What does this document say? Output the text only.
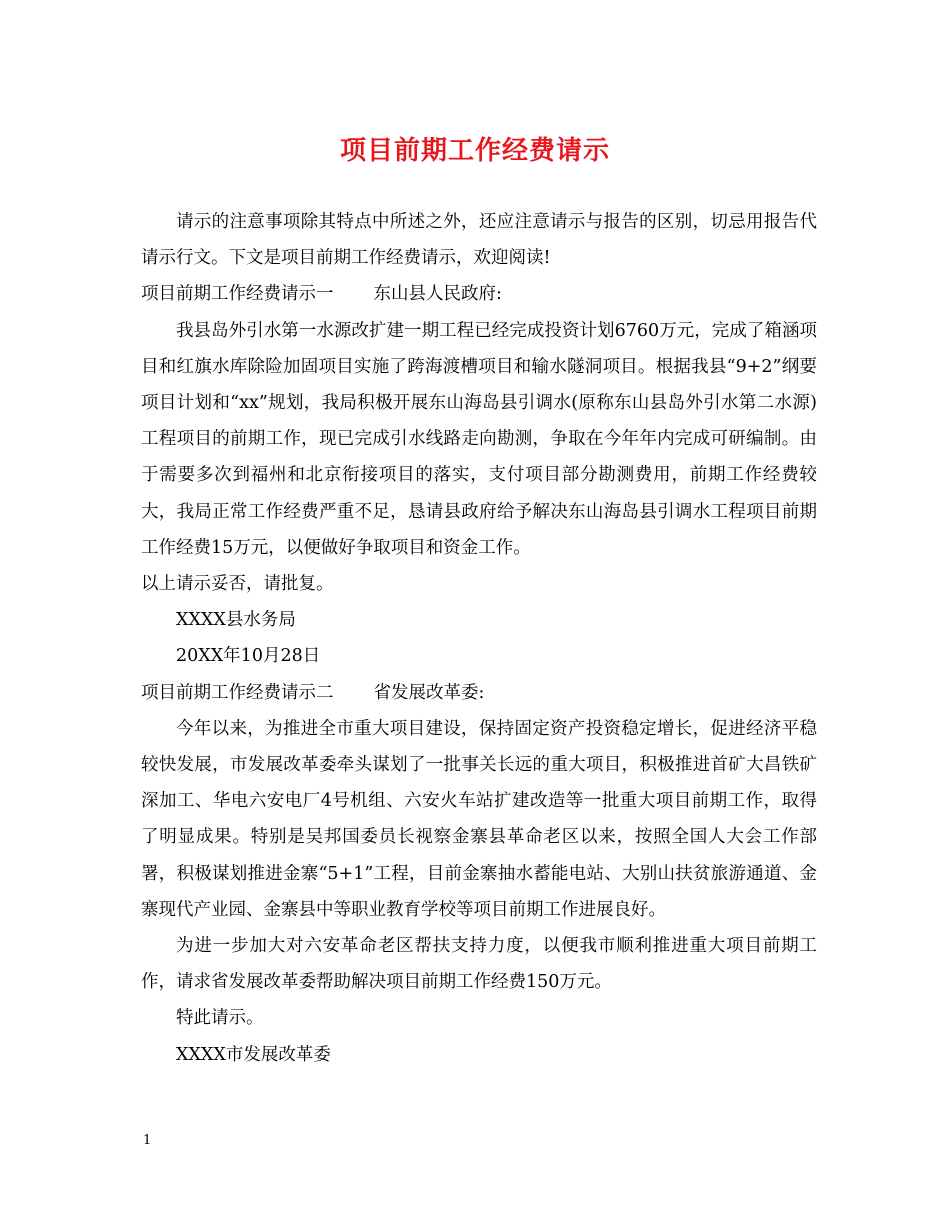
项目前期工作经费请示

请示的注意事项除其特点中所述之外，还应注意请示与报告的区别，切忌用报告代请示行文。下文是项目前期工作经费请示，欢迎阅读!

项目前期工作经费请示一 东山县人民政府:

我县岛外引水第一水源改扩建一期工程已经完成投资计划6760万元，完成了箱涵项目和红旗水库除险加固项目实施了跨海渡槽项目和输水隧洞项目。根据我县“9+2”纲要项目计划和“xx”规划，我局积极开展东山海岛县引调水(原称东山县岛外引水第二水源)工程项目的前期工作，现已完成引水线路走向勘测，争取在今年年内完成可研编制。由于需要多次到福州和北京衔接项目的落实，支付项目部分勘测费用，前期工作经费较大，我局正常工作经费严重不足，恳请县政府给予解决东山海岛县引调水工程项目前期工作经费15万元，以便做好争取项目和资金工作。

以上请示妥否，请批复。

XXXX县水务局

20XX年10月28日

项目前期工作经费请示二 省发展改革委:

今年以来，为推进全市重大项目建设，保持固定资产投资稳定增长，促进经济平稳较快发展，市发展改革委牵头谋划了一批事关长远的重大项目，积极推进首矿大昌铁矿深加工、华电六安电厂4号机组、六安火车站扩建改造等一批重大项目前期工作，取得了明显成果。特别是吴邦国委员长视察金寨县革命老区以来，按照全国人大会工作部署，积极谋划推进金寨“5+1”工程，目前金寨抽水蓄能电站、大别山扶贫旅游通道、金寨现代产业园、金寨县中等职业教育学校等项目前期工作进展良好。

为进一步加大对六安革命老区帮扶支持力度，以便我市顺利推进重大项目前期工作，请求省发展改革委帮助解决项目前期工作经费150万元。

特此请示。

XXXX市发展改革委

1
